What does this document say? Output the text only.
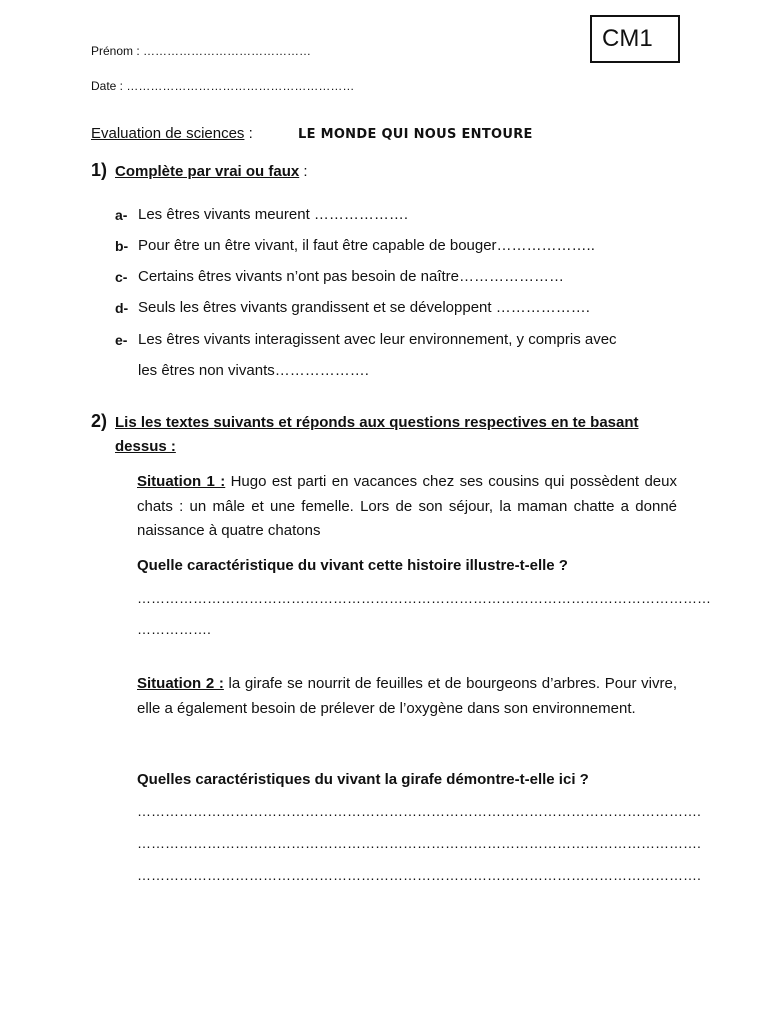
Prénom : ……………………………………
Date : …………………………………………………
CM1
Evaluation de sciences :	LE MONDE QUI NOUS ENTOURE
1) Complète par vrai ou faux :
a- Les êtres vivants meurent ……………….
b- Pour être un être vivant, il faut être capable de bouger………………..
c- Certains êtres vivants n’ont pas besoin de naître…………………
d- Seuls les êtres vivants grandissent et se développent ……………….
e- Les êtres vivants interagissent avec leur environnement, y compris avec
les êtres non vivants……………….
2) Lis les textes suivants et réponds aux questions respectives en te basant
dessus :
Situation 1 : Hugo est parti en vacances chez ses cousins qui possèdent deux chats : un mâle et une femelle. Lors de son séjour, la maman chatte a donné naissance à quatre chatons
Quelle caractéristique du vivant cette histoire illustre-t-elle ?
……………………………………………………………………………………………………………
…………….
Situation 2 : la girafe se nourrit de feuilles et de bourgeons d’arbres. Pour vivre, elle a également besoin de prélever de l’oxygène dans son environnement.
Quelles caractéristiques du vivant la girafe démontre-t-elle ici ?
………………………………………………………………………………………………………….
………………………………………………………………………………………………………….
………………………………………………………………………………………………………….
